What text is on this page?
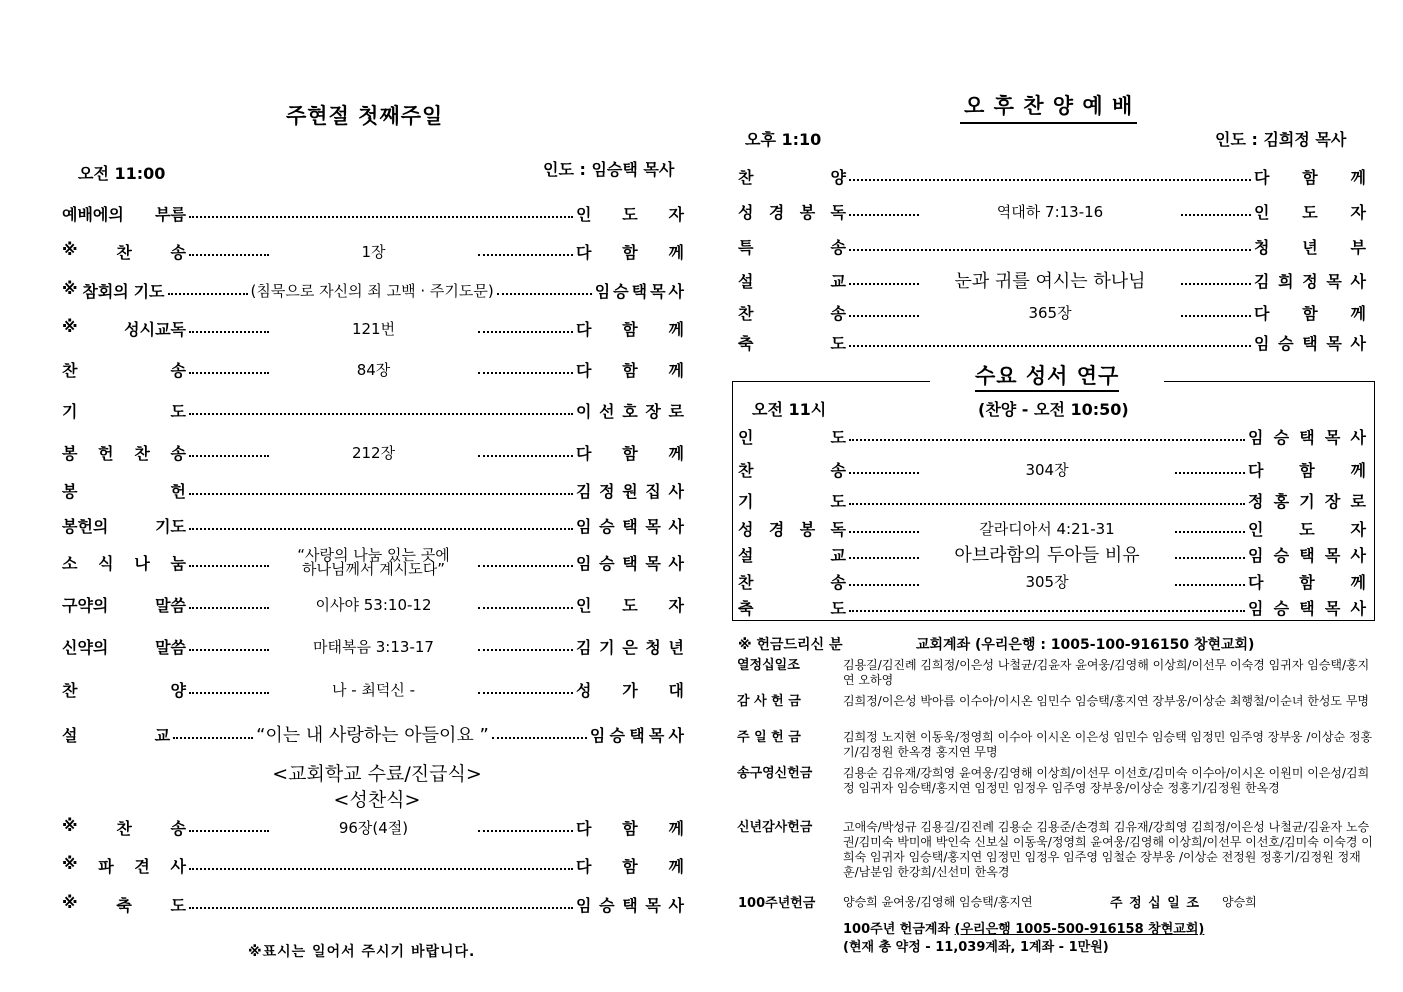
주현절 첫째주일
오전 11:00	인도 : 임승택 목사
예배에의 부름	인 도 자
※ 찬 송	1장	다 함 께
※ 참회의 기도	(침묵으로 자신의 죄 고백 · 주기도문)	임 승 택 목 사
※	성시교독	121번	다 함 께
찬	송	84장	다 함 께
기	도	이 선 호 장 로
봉 헌 찬 송	212장	다 함 께
봉	헌	김 정 원 집 사
봉헌의	기도	임 승 택 목 사
소 식 나 눔	“사랑의 나눔 있는 곳에
하나님께서 계시도다”	임 승 택 목 사
구약의	말씀	이사야 53:10-12	인 도 자
신약의	말씀	마태복음 3:13-17	김 기 은 청 년
찬	양	나 - 최덕신 -	성 가 대
설	교	“이는 내 사랑하는 아들이요 ”	임 승 택 목 사
※ 찬 송	96장(4절)	다 함 께
※ 파 견 사	다 함 께
※ 축 도	임 승 택 목 사
<교회학교 수료/진급식>
<성찬식>
※표시는 일어서 주시기 바랍니다.
오 후 찬 양 예 배
오후 1:10	인도 : 김희정 목사
찬	양	다 함 께
성 경 봉 독	역대하 7:13-16	인 도 자
특	송	청 년 부
설	교	눈과 귀를 여시는 하나님	김 희 정 목 사
찬	송	365장	다 함 께
축	도	임 승 택 목 사
수요 성서 연구
오전 11시	(찬양 - 오전 10:50)
인	도	임 승 택 목 사
찬	송	304장	다 함 께
기	도	정 홍 기 장 로
성 경 봉 독	갈라디아서 4:21-31	인 도 자
설	교	아브라함의 두아들 비유	임 승 택 목 사
찬	송	305장	다 함 께
축	도	임 승 택 목 사
※ 헌금드리신 분	교회계좌 (우리은행 : 1005-100-916150 창현교회)
열정십일조	김용길/김진례 김희정/이은성 나철균/김윤자 윤여웅/김영해 이상희/이선무 이숙경 임귀자 임승택/홍지연 오하영
감 사 헌 금	김희정/이은성 박아름 이수아/이시온 임민수 임승택/홍지연 장부웅/이상순 최행철/이순녀 한성도 무명
주 일 헌 금	김희정 노지현 이동욱/정영희 이수아 이시온 이은성 임민수 임승택 임정민 임주영 장부웅 /이상순 정홍기/김정원 한옥경 홍지연 무명
송구영신헌금	김용순 김유재/강희영 윤여웅/김영해 이상희/이선무 이선호/김미숙 이수아/이시온 이원미 이은성/김희정 임귀자 임승택/홍지연 임정민 임정우 임주영 장부웅/이상순 정홍기/김정원 한옥경
신년감사헌금	고애숙/박성규 김용길/김진례 김용순 김용준/손경희 김유재/강희영 김희정/이은성 나철균/김윤자 노승권/김미숙 박미애 박인숙 신보실 이동욱/정영희 윤여웅/김영해 이상희/이선무 이선호/김미숙 이숙경 이희숙 임귀자 임승택/홍지연 임정민 임정우 임주영 임철순 장부웅 /이상순 전정원 정홍기/김정원 정재훈/남분임 한강희/신선미 한옥경
100주년헌금 양승희 윤여웅/김영해 임승택/홍지연	주 정 십 일 조 양승희
100주년 헌금계좌 (우리은행 1005-500-916158 창현교회)
(현재 총 약정 - 11,039계좌, 1계좌 - 1만원)
